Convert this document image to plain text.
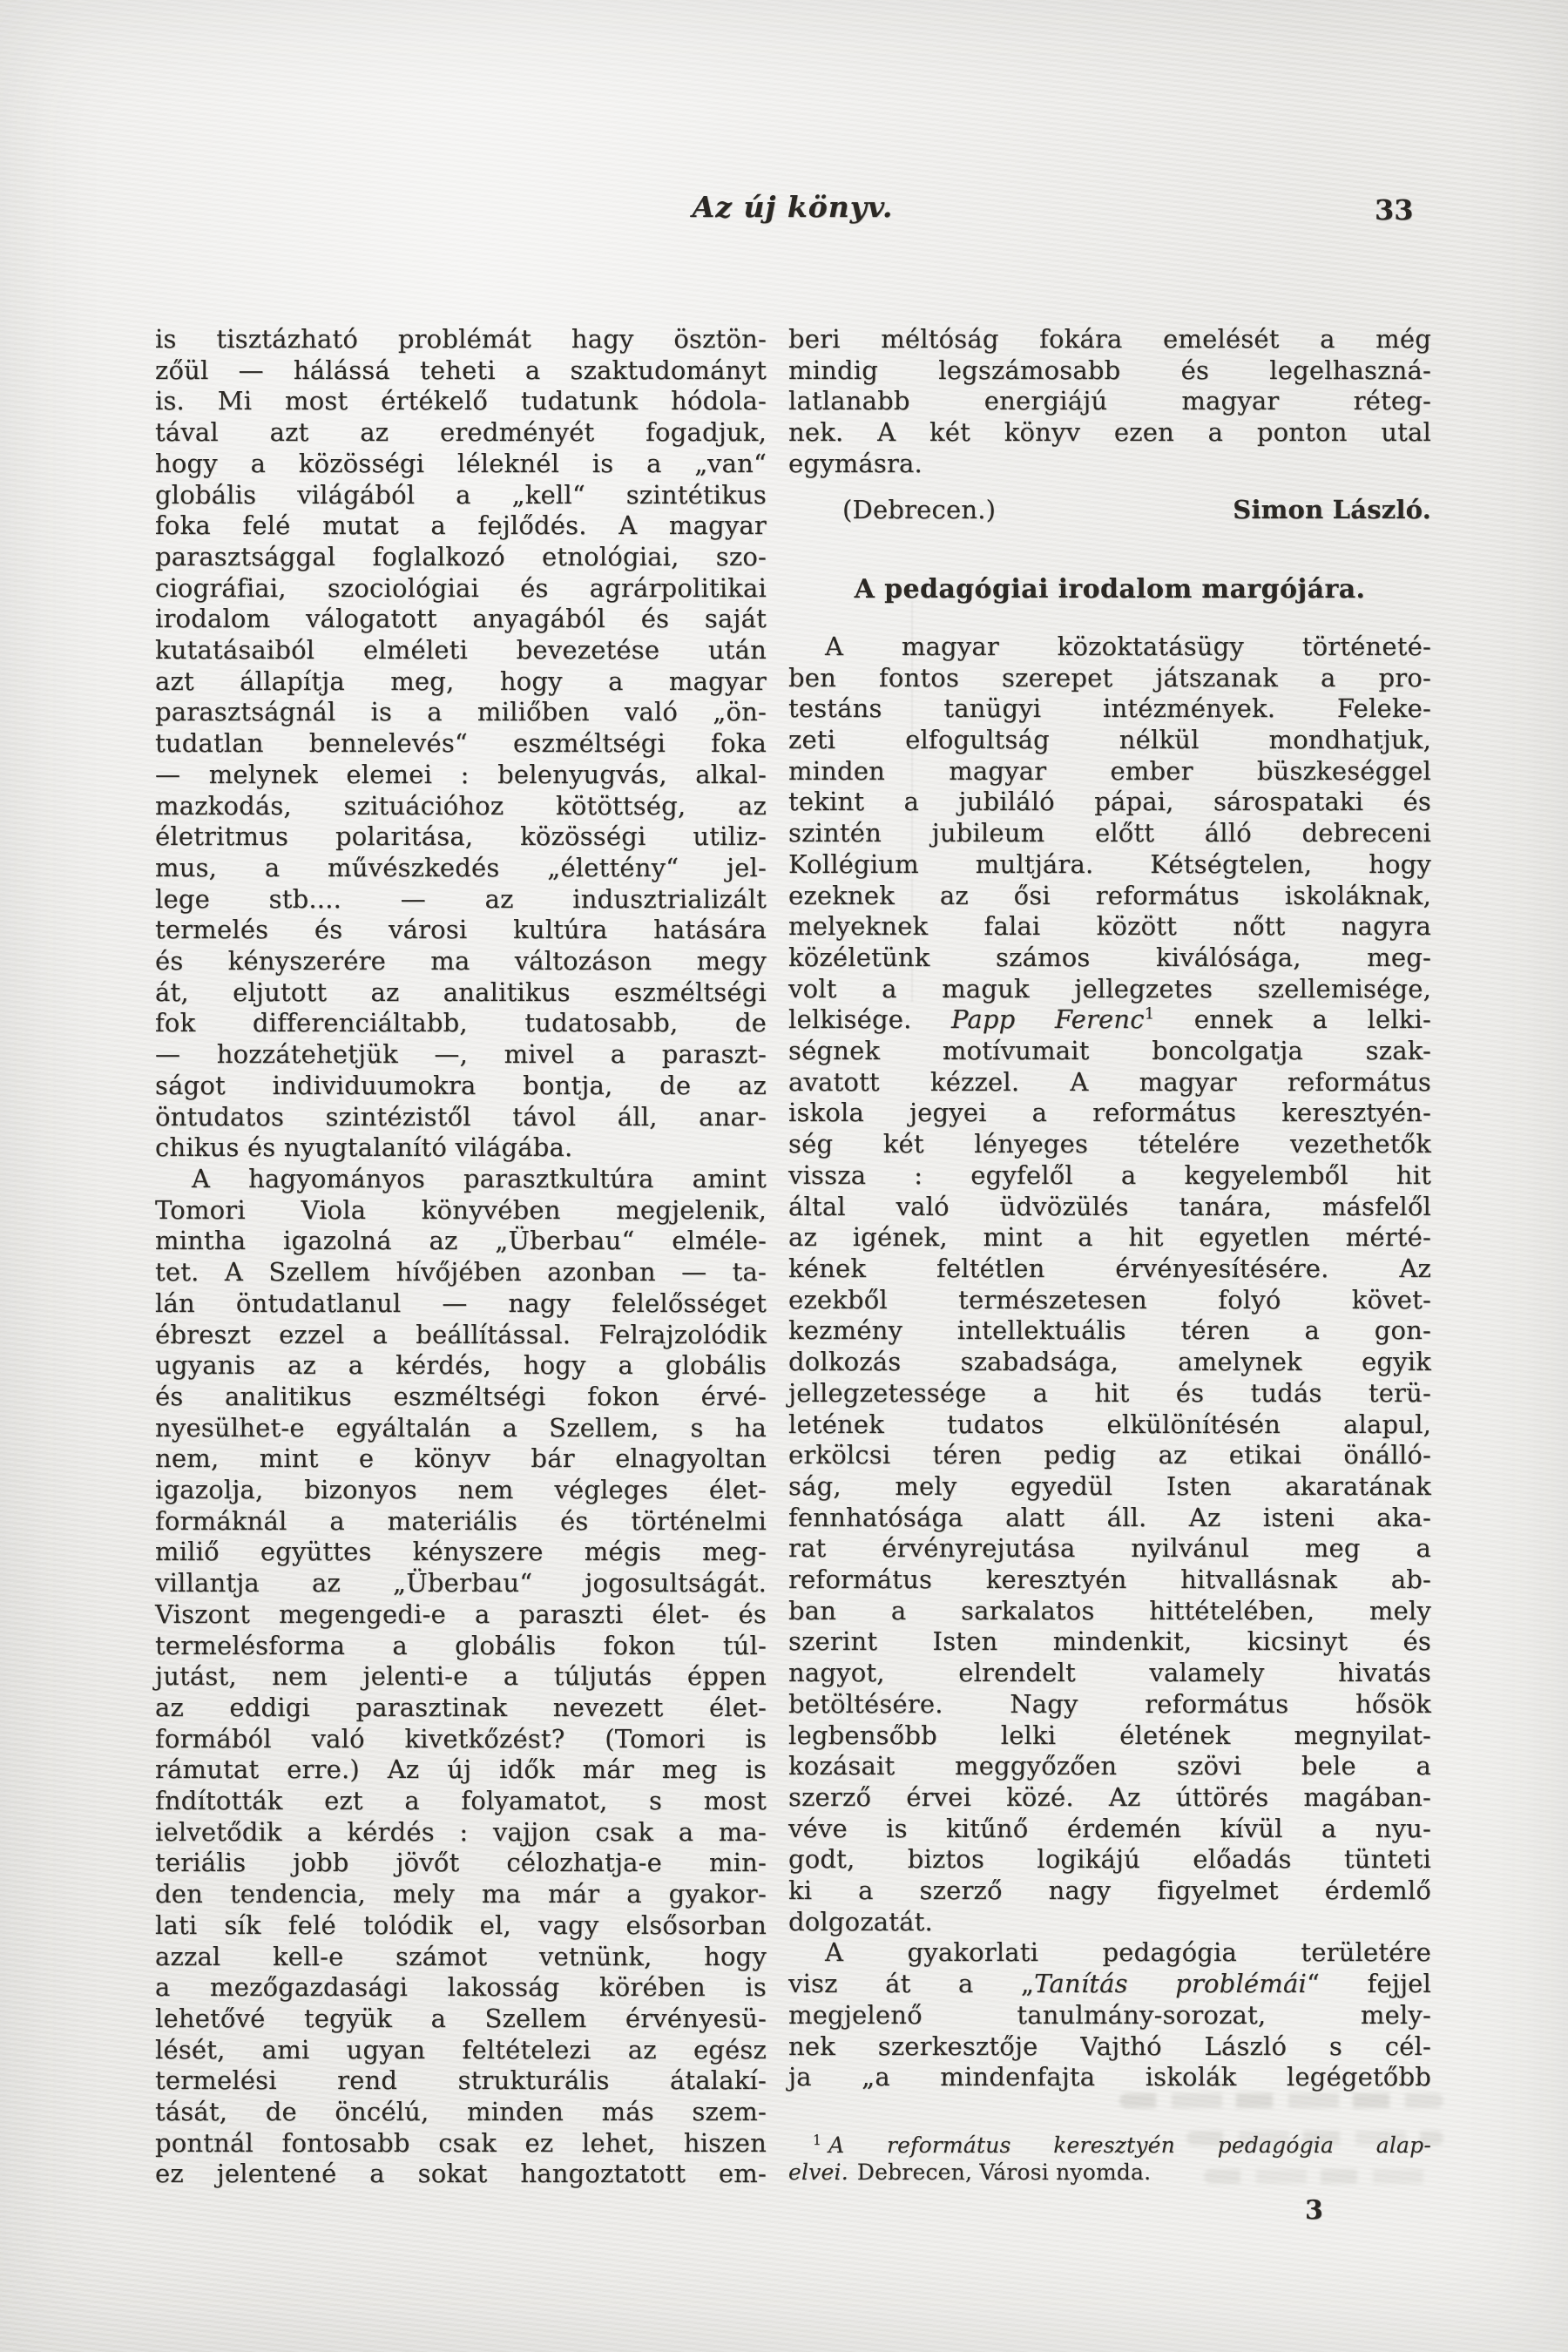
Az új könyv.	33
is tisztázható problémát hagy ösztön-
zőül — hálássá teheti a szaktudományt
is. Mi most értékelő tudatunk hódola-
tával azt az eredményét fogadjuk,
hogy a közösségi léleknél is a „van“
globális világából a „kell“ szintétikus
foka felé mutat a fejlődés. A magyar
parasztsággal foglalkozó etnológiai, szo-
ciográfiai, szociológiai és agrárpolitikai
irodalom válogatott anyagából és saját
kutatásaiból elméleti bevezetése után
azt állapítja meg, hogy a magyar
parasztságnál is a miliőben való „ön-
tudatlan bennelevés“ eszméltségi foka
— melynek elemei : belenyugvás, alkal-
mazkodás, szituációhoz kötöttség, az
életritmus polaritása, közösségi utiliz-
mus, a művészkedés „élettény“ jel-
lege stb.... — az indusztrializált
termelés és városi kultúra hatására
és kényszerére ma változáson megy
át, eljutott az analitikus eszméltségi
fok differenciáltabb, tudatosabb, de
— hozzátehetjük —, mivel a paraszt-
ságot individuumokra bontja, de az
öntudatos szintézistől távol áll, anar-
chikus és nyugtalanító világába.
A hagyományos parasztkultúra amint
Tomori Viola könyvében megjelenik,
mintha igazolná az „Überbau“ elméle-
tet. A Szellem hívőjében azonban — ta-
lán öntudatlanul — nagy felelősséget
ébreszt ezzel a beállítással. Felrajzolódik
ugyanis az a kérdés, hogy a globális
és analitikus eszméltségi fokon érvé-
nyesülhet-e egyáltalán a Szellem, s ha
nem, mint e könyv bár elnagyoltan
igazolja, bizonyos nem végleges élet-
formáknál a materiális és történelmi
miliő együttes kényszere mégis meg-
villantja az „Überbau“ jogosultságát.
Viszont megengedi-e a paraszti élet- és
termelésforma a globális fokon túl-
jutást, nem jelenti-e a túljutás éppen
az eddigi parasztinak nevezett élet-
formából való kivetkőzést? (Tomori is
rámutat erre.) Az új idők már meg is
fndították ezt a folyamatot, s most
ielvetődik a kérdés : vajjon csak a ma-
teriális jobb jövőt célozhatja-e min-
den tendencia, mely ma már a gyakor-
lati sík felé tolódik el, vagy elsősorban
azzal kell-e számot vetnünk, hogy
a mezőgazdasági lakosság körében is
lehetővé tegyük a Szellem érvényesü-
lését, ami ugyan feltételezi az egész
termelési rend strukturális átalakí-
tását, de öncélú, minden más szem-
pontnál fontosabb csak ez lehet, hiszen
ez jelentené a sokat hangoztatott em-
beri méltóság fokára emelését a még
mindig legszámosabb és legelhaszná-
latlanabb energiájú magyar réteg-
nek. A két könyv ezen a ponton utal
egymásra.
(Debrecen.)	Simon László.
A pedagógiai irodalom margójára.
A magyar közoktatásügy történeté-
ben fontos szerepet játszanak a pro-
testáns tanügyi intézmények. Feleke-
zeti elfogultság nélkül mondhatjuk,
minden magyar ember büszkeséggel
tekint a jubiláló pápai, sárospataki és
szintén jubileum előtt álló debreceni
Kollégium multjára. Kétségtelen, hogy
ezeknek az ősi református iskoláknak,
melyeknek falai között nőtt nagyra
közéletünk számos kiválósága, meg-
volt a maguk jellegzetes szellemisége,
lelkisége. Papp Ferenc$^1$ ennek a lelki-
ségnek motívumait boncolgatja szak-
avatott kézzel. A magyar református
iskola jegyei a református keresztyén-
ség két lényeges tételére vezethetők
vissza : egyfelől a kegyelemből hit
által való üdvözülés tanára, másfelől
az igének, mint a hit egyetlen mérté-
kének feltétlen érvényesítésére. Az
ezekből természetesen folyó követ-
kezmény intellektuális téren a gon-
dolkozás szabadsága, amelynek egyik
jellegzetessége a hit és tudás terü-
letének tudatos elkülönítésén alapul,
erkölcsi téren pedig az etikai önálló-
ság, mely egyedül Isten akaratának
fennhatósága alatt áll. Az isteni aka-
rat érvényrejutása nyilvánul meg a
református keresztyén hitvallásnak ab-
ban a sarkalatos hittételében, mely
szerint Isten mindenkit, kicsinyt és
nagyot, elrendelt valamely hivatás
betöltésére. Nagy református hősök
legbensőbb lelki életének megnyilat-
kozásait meggyőzően szövi bele a
szerző érvei közé. Az úttörés magában-
véve is kitűnő érdemén kívül a nyu-
godt, biztos logikájú előadás tünteti
ki a szerző nagy figyelmet érdemlő
dolgozatát.
A gyakorlati pedagógia területére
visz át a „Tanítás problémái“ fejjel
megjelenő tanulmány-sorozat, mely-
nek szerkesztője Vajthó László s cél-
ja „a mindenfajta iskolák legégetőbb
$^1$ A református keresztyén pedagógia alap-
elvei. Debrecen, Városi nyomda.
3
